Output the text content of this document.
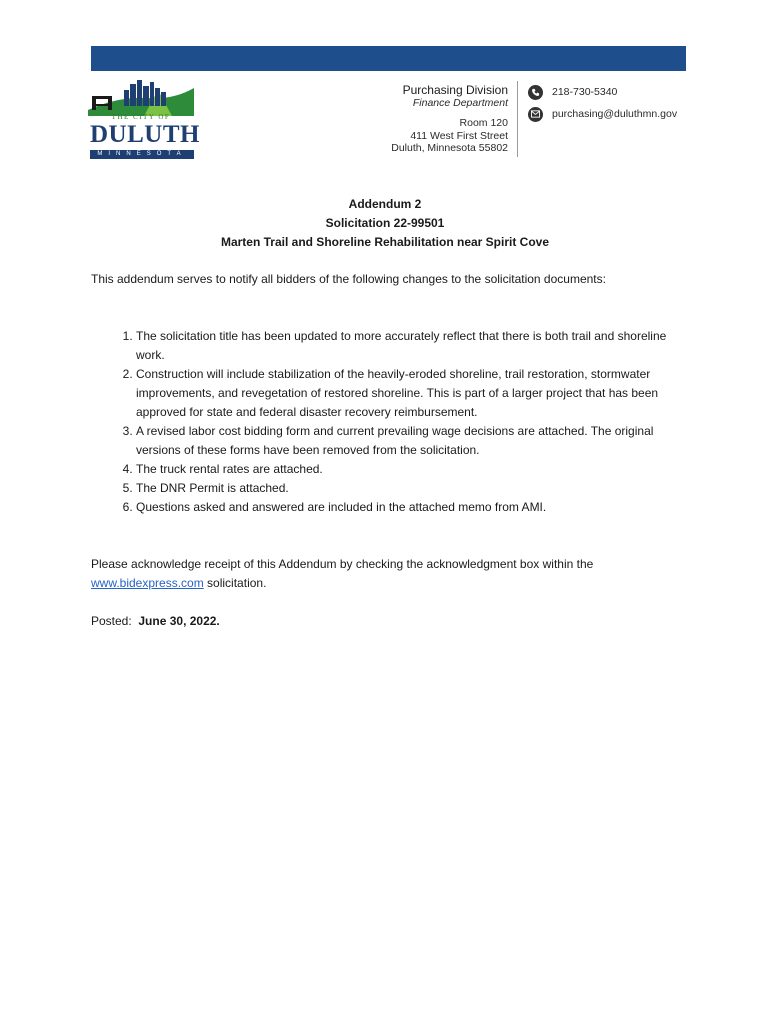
THE CITY OF
DULUTH
MINNESOTA
Purchasing Division
Finance Department
Room 120
411 West First Street
Duluth, Minnesota 55802
218-730-5340
purchasing@duluthmn.gov
Addendum 2
Solicitation 22-99501
Marten Trail and Shoreline Rehabilitation near Spirit Cove
This addendum serves to notify all bidders of the following changes to the solicitation documents:
1. The solicitation title has been updated to more accurately reflect that there is both trail and shoreline work.
2. Construction will include stabilization of the heavily-eroded shoreline, trail restoration, stormwater improvements, and revegetation of restored shoreline. This is part of a larger project that has been approved for state and federal disaster recovery reimbursement.
3. A revised labor cost bidding form and current prevailing wage decisions are attached. The original versions of these forms have been removed from the solicitation.
4. The truck rental rates are attached.
5. The DNR Permit is attached.
6. Questions asked and answered are included in the attached memo from AMI.
Please acknowledge receipt of this Addendum by checking the acknowledgment box within the www.bidexpress.com solicitation.
Posted: June 30, 2022.
